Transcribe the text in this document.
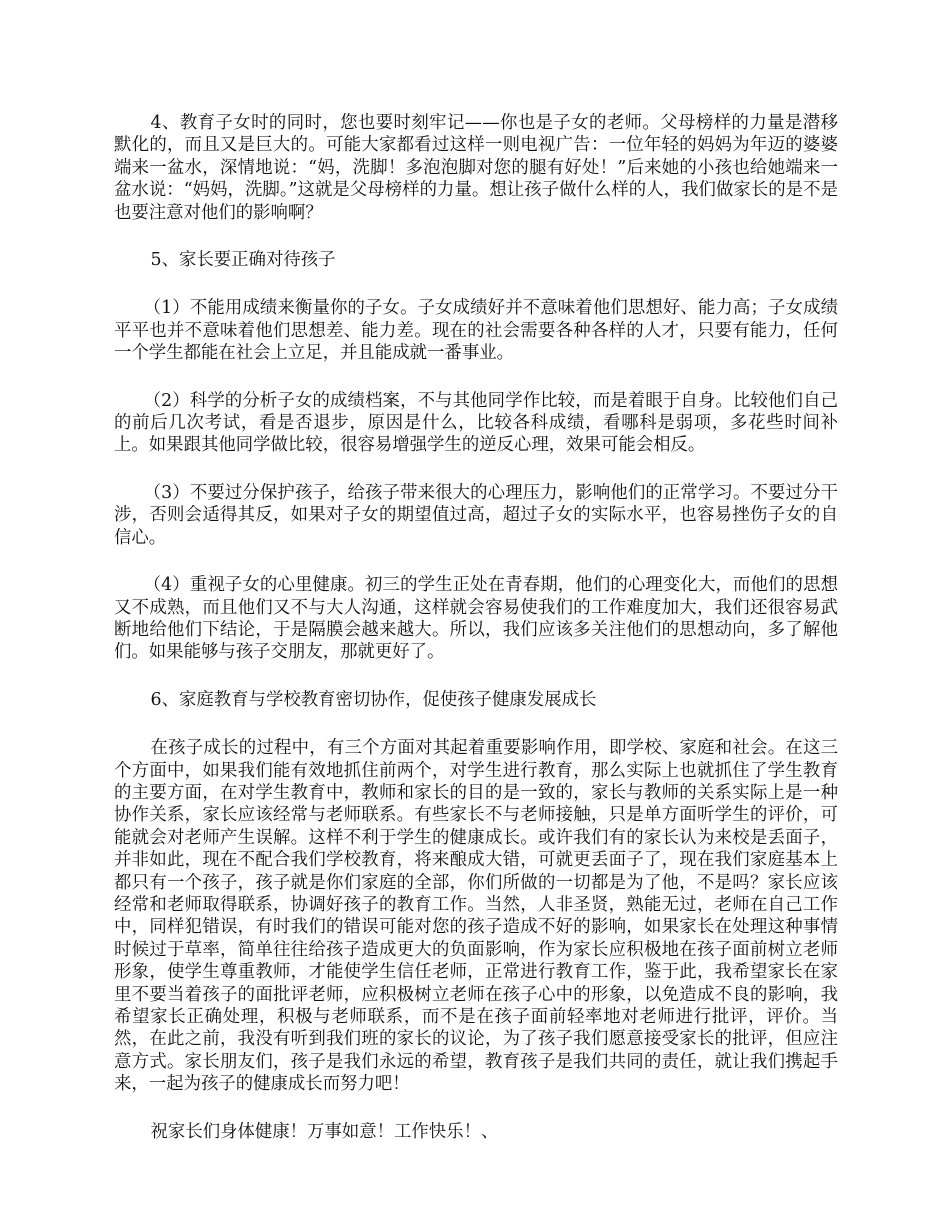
4、教育子女时的同时，您也要时刻牢记——你也是子女的老师。父母榜样的力量是潜移默化的，而且又是巨大的。可能大家都看过这样一则电视广告：一位年轻的妈妈为年迈的婆婆端来一盆水，深情地说：“妈，洗脚！多泡泡脚对您的腿有好处！”后来她的小孩也给她端来一盆水说：“妈妈，洗脚。”这就是父母榜样的力量。想让孩子做什么样的人，我们做家长的是不是也要注意对他们的影响啊？

5、家长要正确对待孩子

（1）不能用成绩来衡量你的子女。子女成绩好并不意味着他们思想好、能力高；子女成绩平平也并不意味着他们思想差、能力差。现在的社会需要各种各样的人才，只要有能力，任何一个学生都能在社会上立足，并且能成就一番事业。

（2）科学的分析子女的成绩档案，不与其他同学作比较，而是着眼于自身。比较他们自己的前后几次考试，看是否退步，原因是什么，比较各科成绩，看哪科是弱项，多花些时间补上。如果跟其他同学做比较，很容易增强学生的逆反心理，效果可能会相反。

（3）不要过分保护孩子，给孩子带来很大的心理压力，影响他们的正常学习。不要过分干涉，否则会适得其反，如果对子女的期望值过高，超过子女的实际水平，也容易挫伤子女的自信心。

（4）重视子女的心里健康。初三的学生正处在青春期，他们的心理变化大，而他们的思想又不成熟，而且他们又不与大人沟通，这样就会容易使我们的工作难度加大，我们还很容易武断地给他们下结论，于是隔膜会越来越大。所以，我们应该多关注他们的思想动向，多了解他们。如果能够与孩子交朋友，那就更好了。

6、家庭教育与学校教育密切协作，促使孩子健康发展成长

在孩子成长的过程中，有三个方面对其起着重要影响作用，即学校、家庭和社会。在这三个方面中，如果我们能有效地抓住前两个，对学生进行教育，那么实际上也就抓住了学生教育的主要方面，在对学生教育中，教师和家长的目的是一致的，家长与教师的关系实际上是一种协作关系，家长应该经常与老师联系。有些家长不与老师接触，只是单方面听学生的评价，可能就会对老师产生误解。这样不利于学生的健康成长。或许我们有的家长认为来校是丢面子，并非如此，现在不配合我们学校教育，将来酿成大错，可就更丢面子了，现在我们家庭基本上都只有一个孩子，孩子就是你们家庭的全部，你们所做的一切都是为了他，不是吗？家长应该经常和老师取得联系，协调好孩子的教育工作。当然，人非圣贤，熟能无过，老师在自己工作中，同样犯错误，有时我们的错误可能对您的孩子造成不好的影响，如果家长在处理这种事情时候过于草率，简单往往给孩子造成更大的负面影响，作为家长应积极地在孩子面前树立老师形象，使学生尊重教师，才能使学生信任老师，正常进行教育工作，鉴于此，我希望家长在家里不要当着孩子的面批评老师，应积极树立老师在孩子心中的形象，以免造成不良的影响，我希望家长正确处理，积极与老师联系，而不是在孩子面前轻率地对老师进行批评，评价。当然，在此之前，我没有听到我们班的家长的议论，为了孩子我们愿意接受家长的批评，但应注意方式。家长朋友们，孩子是我们永远的希望，教育孩子是我们共同的责任，就让我们携起手来，一起为孩子的健康成长而努力吧！

祝家长们身体健康！万事如意！工作快乐！、
